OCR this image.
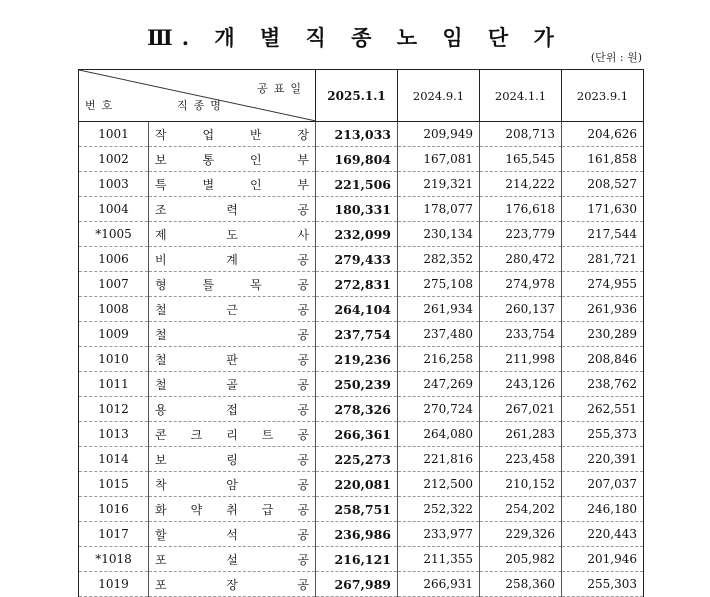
Ⅲ. 개 별 직 종 노 임 단 가
(단위 : 원)
공표일
번호 직종명		2025.1.1	2024.9.1	2024.1.1	2023.9.1
1001	작 업 반 장	213,033	209,949	208,713	204,626
1002	보 통 인 부	169,804	167,081	165,545	161,858
1003	특 별 인 부	221,506	219,321	214,222	208,527
1004	조 력 공	180,331	178,077	176,618	171,630
*1005	제 도 사	232,099	230,134	223,779	217,544
1006	비 계 공	279,433	282,352	280,472	281,721
1007	형 틀 목 공	272,831	275,108	274,978	274,955
1008	철 근 공	264,104	261,934	260,137	261,936
1009	철 공	237,754	237,480	233,754	230,289
1010	철 판 공	219,236	216,258	211,998	208,846
1011	철 골 공	250,239	247,269	243,126	238,762
1012	용 접 공	278,326	270,724	267,021	262,551
1013	콘 크 리 트 공	266,361	264,080	261,283	255,373
1014	보 링 공	225,273	221,816	223,458	220,391
1015	착 암 공	220,081	212,500	210,152	207,037
1016	화 약 취 급 공	258,751	252,322	254,202	246,180
1017	할 석 공	236,986	233,977	229,326	220,443
*1018	포 설 공	216,121	211,355	205,982	201,946
1019	포 장 공	267,989	266,931	258,360	255,303
